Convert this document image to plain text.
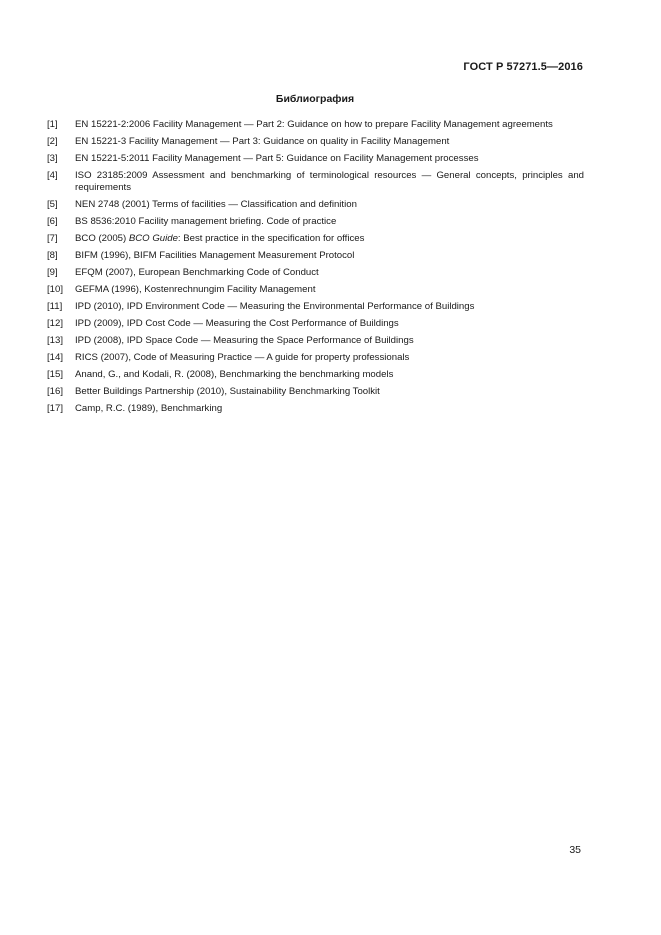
ГОСТ Р 57271.5—2016
Библиография
[1]	EN 15221-2:2006 Facility Management — Part 2: Guidance on how to prepare Facility Management agreements
[2]	EN 15221-3 Facility Management — Part 3: Guidance on quality in Facility Management
[3]	EN 15221-5:2011 Facility Management — Part 5: Guidance on Facility Management processes
[4]	ISO 23185:2009 Assessment and benchmarking of terminological resources — General concepts, principles and requirements
[5]	NEN 2748 (2001) Terms of facilities — Classification and definition
[6]	BS 8536:2010 Facility management briefing. Code of practice
[7]	BCO (2005) BCO Guide: Best practice in the specification for offices
[8]	BIFM (1996), BIFM Facilities Management Measurement Protocol
[9]	EFQM (2007), European Benchmarking Code of Conduct
[10]	GEFMA (1996), Kostenrechnungim Facility Management
[11]	IPD (2010), IPD Environment Code — Measuring the Environmental Performance of Buildings
[12]	IPD (2009), IPD Cost Code — Measuring the Cost Performance of Buildings
[13]	IPD (2008), IPD Space Code — Measuring the Space Performance of Buildings
[14]	RICS (2007), Code of Measuring Practice — A guide for property professionals
[15]	Anand, G., and Kodali, R. (2008), Benchmarking the benchmarking models
[16]	Better Buildings Partnership (2010), Sustainability Benchmarking Toolkit
[17]	Camp, R.C. (1989), Benchmarking
35
